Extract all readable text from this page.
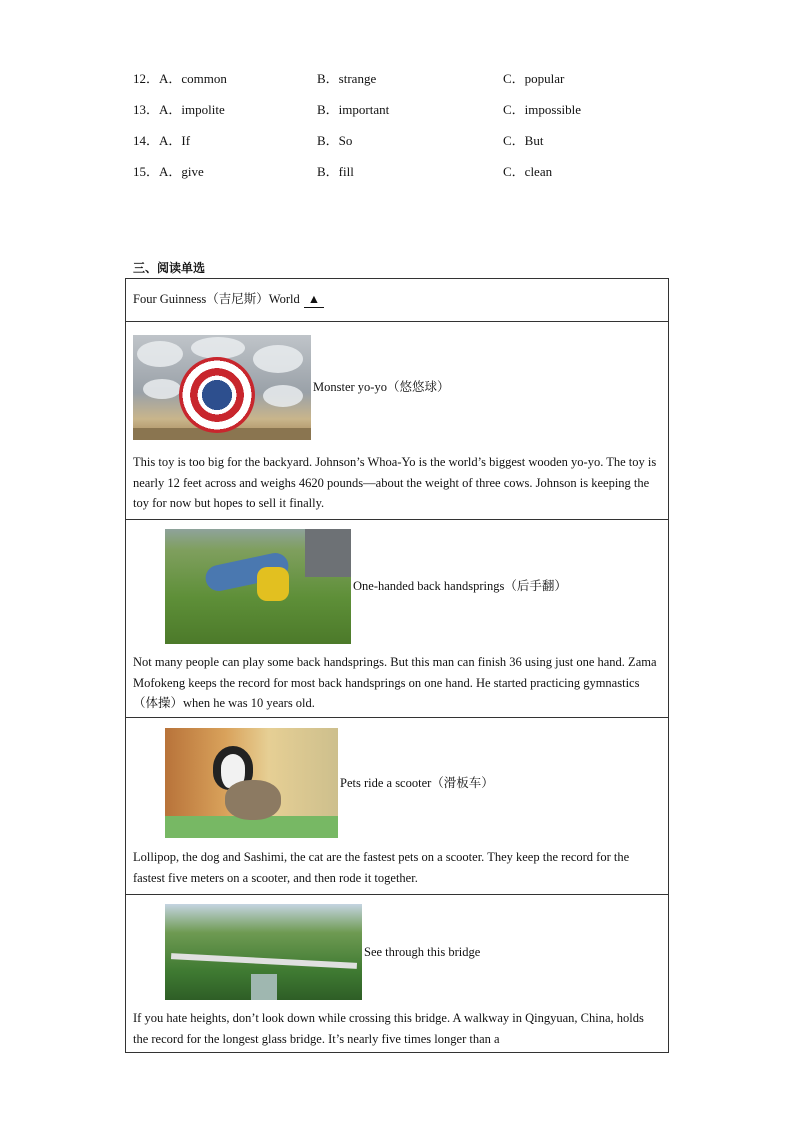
12．A．common	B．strange	C．popular
13．A．impolite	B．important	C．impossible
14．A．If	B．So	C．But
15．A．give	B．fill	C．clean
三、阅读单选
Four Guinness（吉尼斯）World ▲

Monster yo-yo（悠悠球）

This toy is too big for the backyard. Johnson’s Whoa-Yo is the world’s biggest wooden yo-yo. The toy is nearly 12 feet across and weighs 4620 pounds—about the weight of three cows. Johnson is keeping the toy for now but hopes to sell it finally.

One-handed back handsprings（后手翻）

Not many people can play some back handsprings. But this man can finish 36 using just one hand. Zama Mofokeng keeps the record for most back handsprings on one hand. He started practicing gymnastics（体操）when he was 10 years old.

Pets ride a scooter（滑板车）

Lollipop, the dog and Sashimi, the cat are the fastest pets on a scooter. They keep the record for the fastest five meters on a scooter, and then rode it together.

See through this bridge

If you hate heights, don’t look down while crossing this bridge. A walkway in Qingyuan, China, holds the record for the longest glass bridge. It’s nearly five times longer than a
